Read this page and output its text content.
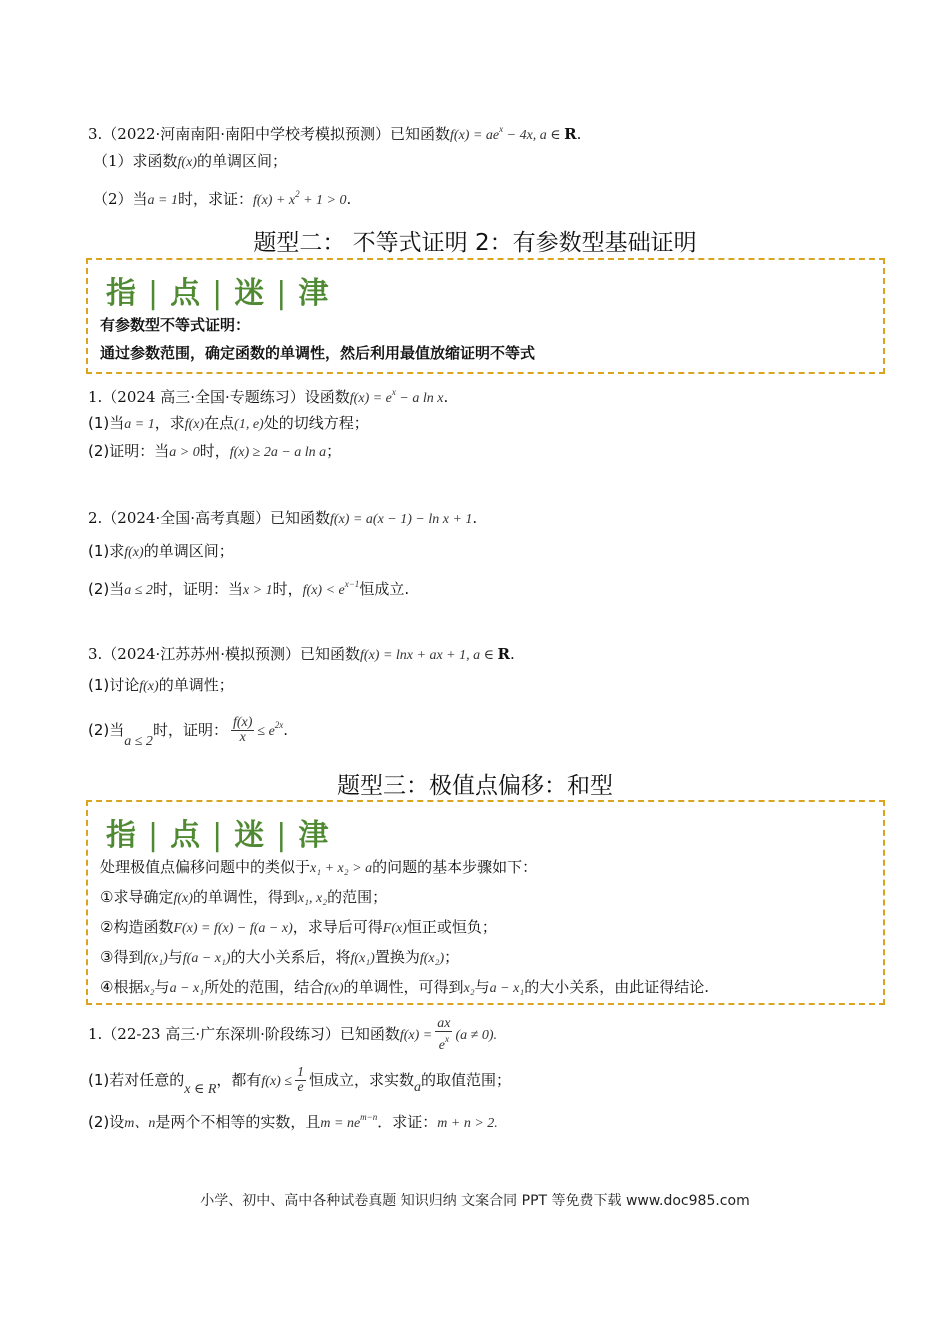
3.（2022·河南南阳·南阳中学校考模拟预测）已知函数$f(x) = ae^x - 4x$, a ∈ R.
（1）求函数f(x)的单调区间；
（2）当a = 1时，求证：$f(x) + x^2 + 1 > 0$.
题型二： 不等式证明 2：有参数型基础证明
指 | 点 | 迷 | 津
有参数型不等式证明：
通过参数范围，确定函数的单调性，然后利用最值放缩证明不等式
1.（2024 高三·全国·专题练习）设函数$f(x) = e^x - a$ ln x.
(1)当a = 1，求f(x)在点(1, e)处的切线方程；
(2)证明：当a > 0时，f(x) ≥ 2a − a ln a；
2.（2024·全国·高考真题）已知函数f(x) = a(x − 1) − ln x + 1.
(1)求f(x)的单调区间；
(2)当a ≤ 2时，证明：当x > 1时，$f(x) < e^{x-1}$恒成立.
3.（2024·江苏苏州·模拟预测）已知函数f(x) = lnx + ax + 1, a ∈ R.
(1)讨论f(x)的单调性；
(2)当a ≤ 2时，证明： $\frac{f(x)}{x} \le e^{2x}$.
题型三：极值点偏移：和型
指 | 点 | 迷 | 津
处理极值点偏移问题中的类似于x₁ + x₂ > a的问题的基本步骤如下：
①求导确定f(x)的单调性，得到x₁, x₂的范围；
②构造函数F(x) = f(x) − f(a − x)，求导后可得F(x)恒正或恒负；
③得到f(x₁)与f(a − x₁)的大小关系后，将f(x₁)置换为f(x₂)；
④根据x₂与a − x₁所处的范围，结合f(x)的单调性，可得到x₂与a − x₁的大小关系，由此证得结论.
1.（22-23 高三·广东深圳·阶段练习）已知函数$f(x) = \frac{ax}{e^x} (a \ne 0)$.
(1)若对任意的x ∈ R，都有$f(x) \le \frac{1}{e}$ 恒成立，求实数a的取值范围；
(2)设m、n是两个不相等的实数，且$m = ne^{m-n}$．求证：m + n > 2.
小学、初中、高中各种试卷真题 知识归纳 文案合同 PPT 等免费下载 www.doc985.com
